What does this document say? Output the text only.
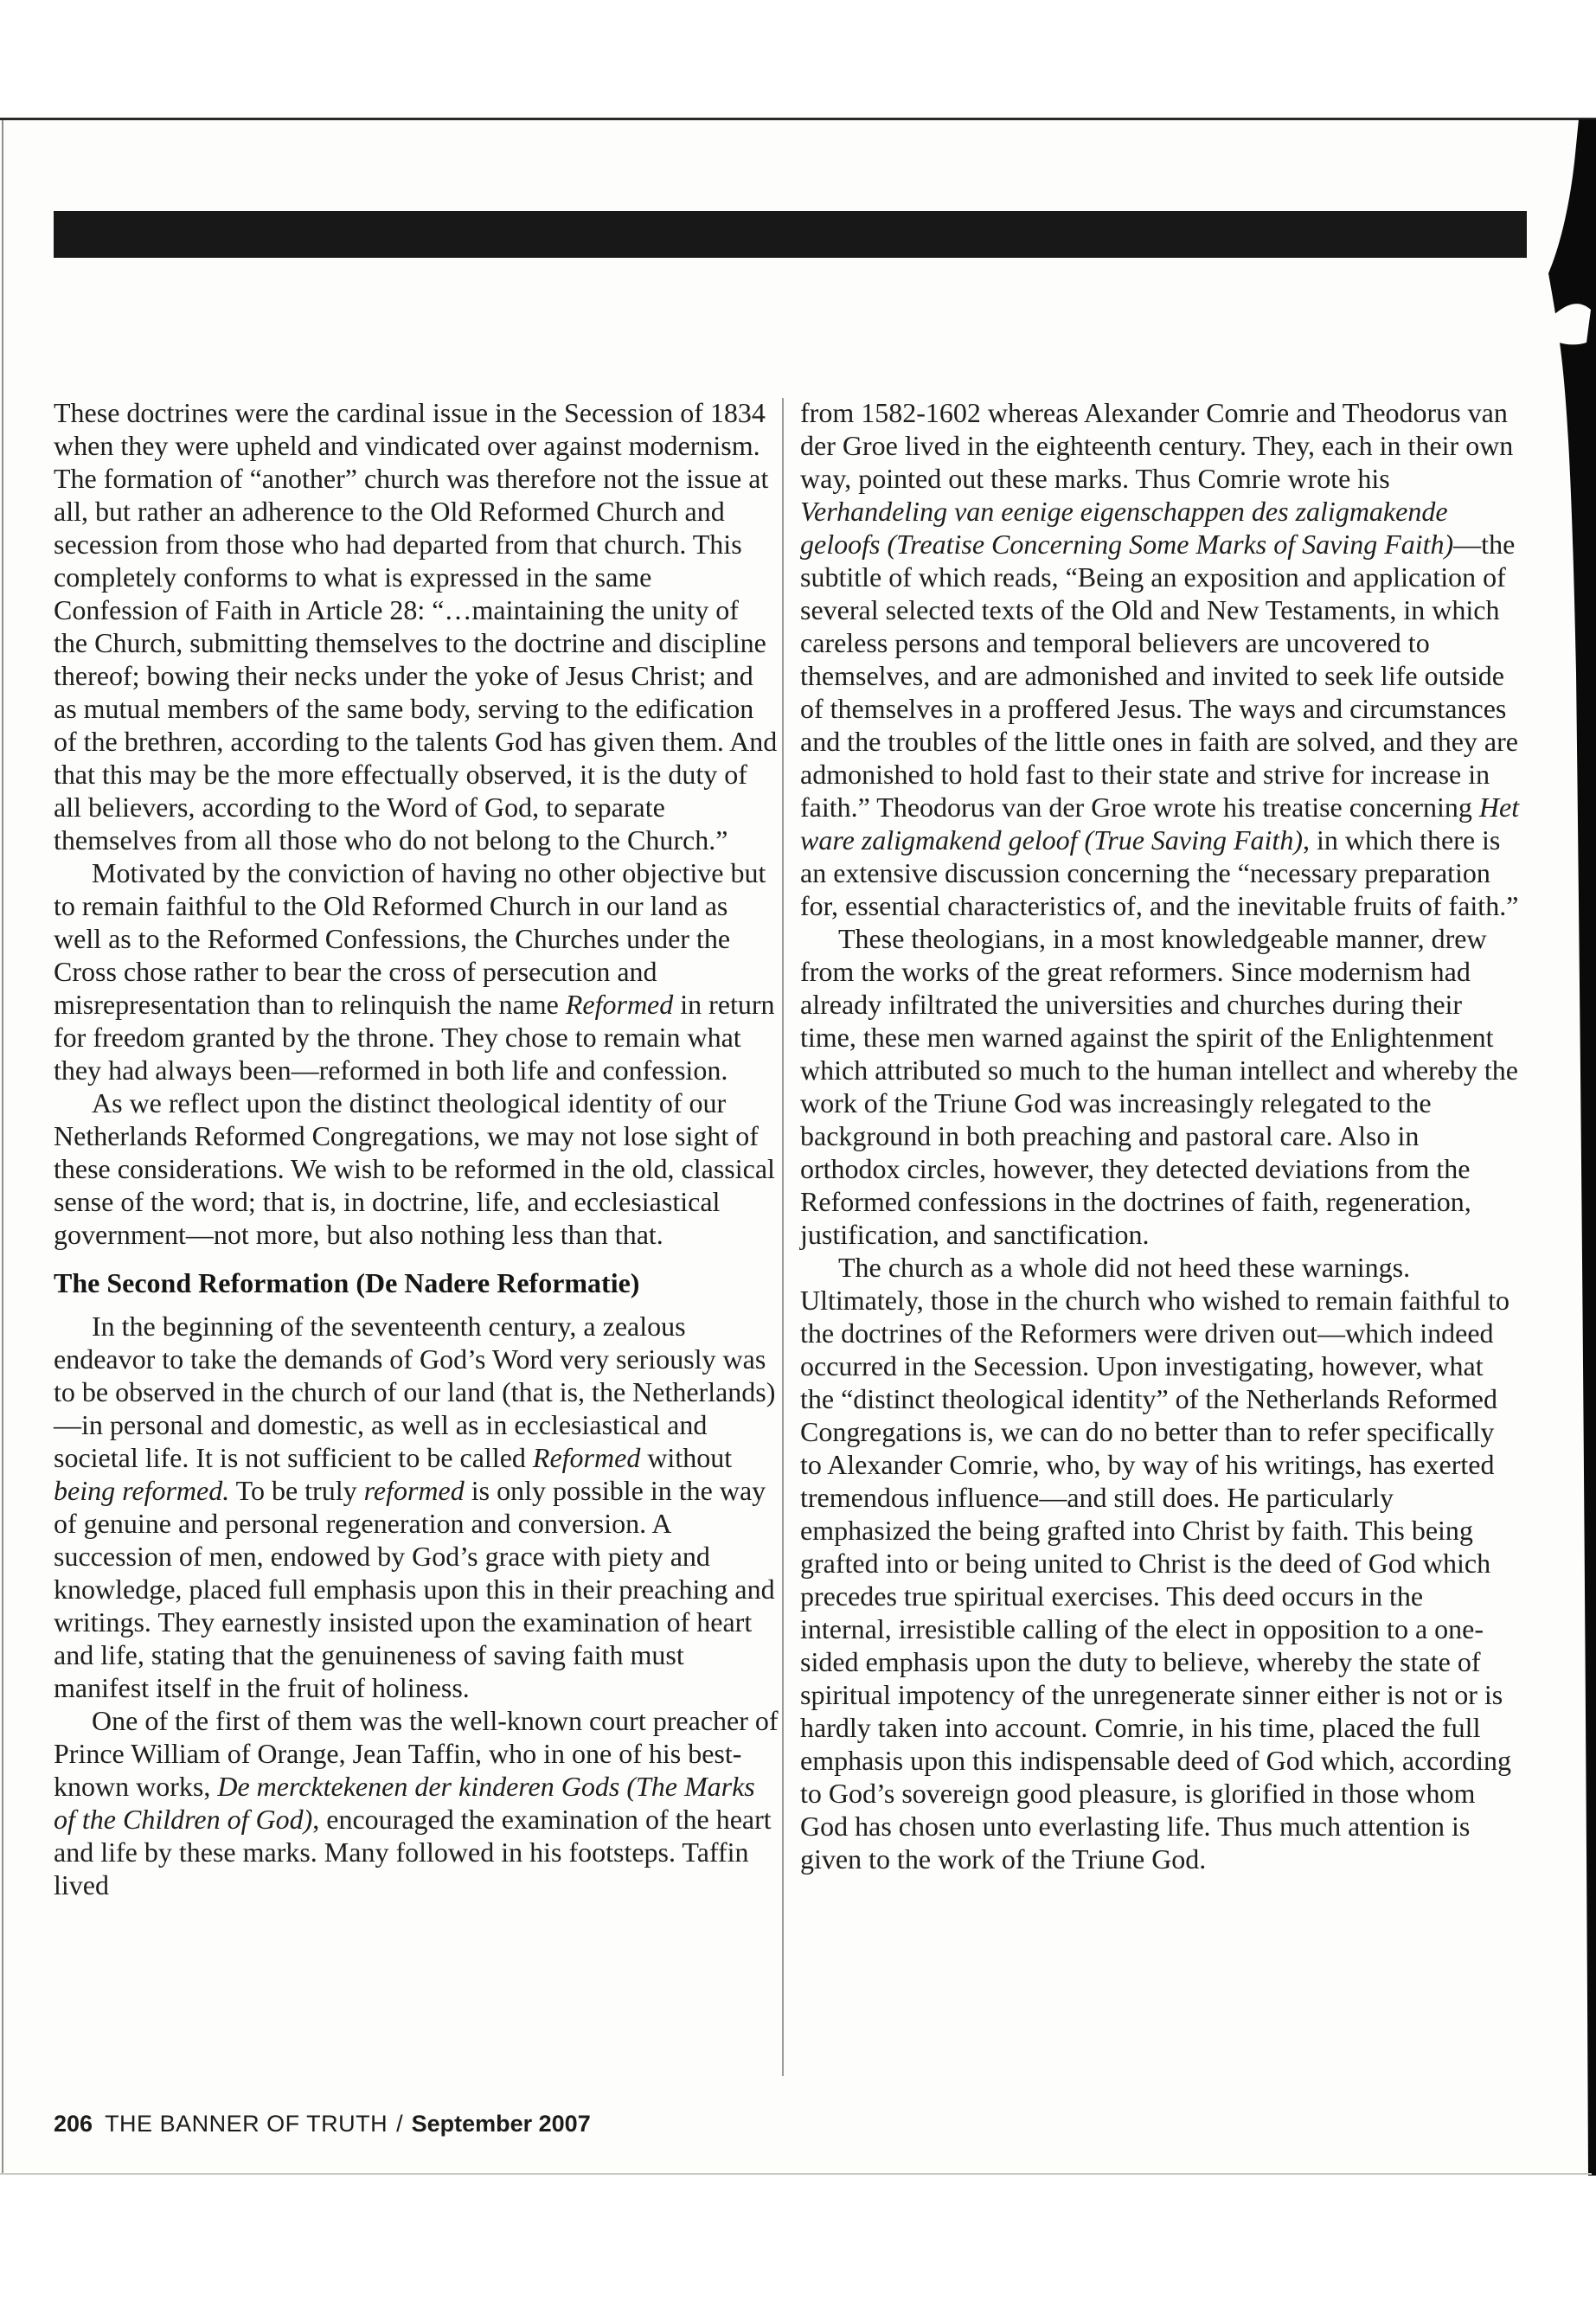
These doctrines were the cardinal issue in the Secession of 1834 when they were upheld and vindicated over against modernism. The formation of “another” church was therefore not the issue at all, but rather an adherence to the Old Reformed Church and secession from those who had departed from that church. This completely conforms to what is expressed in the same Confession of Faith in Article 28: “…maintaining the unity of the Church, submitting themselves to the doctrine and discipline thereof; bowing their necks under the yoke of Jesus Christ; and as mutual members of the same body, serving to the edification of the brethren, according to the talents God has given them. And that this may be the more effectually observed, it is the duty of all believers, according to the Word of God, to separate themselves from all those who do not belong to the Church.”

Motivated by the conviction of having no other objective but to remain faithful to the Old Reformed Church in our land as well as to the Reformed Confessions, the Churches under the Cross chose rather to bear the cross of persecution and misrepresentation than to relinquish the name Reformed in return for freedom granted by the throne. They chose to remain what they had always been—reformed in both life and confession.

As we reflect upon the distinct theological identity of our Netherlands Reformed Congregations, we may not lose sight of these considerations. We wish to be reformed in the old, classical sense of the word; that is, in doctrine, life, and ecclesiastical government—not more, but also nothing less than that.

The Second Reformation (De Nadere Reformatie)

In the beginning of the seventeenth century, a zealous endeavor to take the demands of God’s Word very seriously was to be observed in the church of our land (that is, the Netherlands)—in personal and domestic, as well as in ecclesiastical and societal life. It is not sufficient to be called Reformed without being reformed. To be truly reformed is only possible in the way of genuine and personal regeneration and conversion. A succession of men, endowed by God’s grace with piety and knowledge, placed full emphasis upon this in their preaching and writings. They earnestly insisted upon the examination of heart and life, stating that the genuineness of saving faith must manifest itself in the fruit of holiness.

One of the first of them was the well-known court preacher of Prince William of Orange, Jean Taffin, who in one of his best-known works, De mercktekenen der kinderen Gods (The Marks of the Children of God), encouraged the examination of the heart and life by these marks. Many followed in his footsteps. Taffin lived

from 1582-1602 whereas Alexander Comrie and Theodorus van der Groe lived in the eighteenth century. They, each in their own way, pointed out these marks. Thus Comrie wrote his Verhandeling van eenige eigenschappen des zaligmakende geloofs (Treatise Concerning Some Marks of Saving Faith)—the subtitle of which reads, “Being an exposition and application of several selected texts of the Old and New Testaments, in which careless persons and temporal believers are uncovered to themselves, and are admonished and invited to seek life outside of themselves in a proffered Jesus. The ways and circumstances and the troubles of the little ones in faith are solved, and they are admonished to hold fast to their state and strive for increase in faith.” Theodorus van der Groe wrote his treatise concerning Het ware zaligmakend geloof (True Saving Faith), in which there is an extensive discussion concerning the “necessary preparation for, essential characteristics of, and the inevitable fruits of faith.”

These theologians, in a most knowledgeable manner, drew from the works of the great reformers. Since modernism had already infiltrated the universities and churches during their time, these men warned against the spirit of the Enlightenment which attributed so much to the human intellect and whereby the work of the Triune God was increasingly relegated to the background in both preaching and pastoral care. Also in orthodox circles, however, they detected deviations from the Reformed confessions in the doctrines of faith, regeneration, justification, and sanctification.

The church as a whole did not heed these warnings. Ultimately, those in the church who wished to remain faithful to the doctrines of the Reformers were driven out—which indeed occurred in the Secession. Upon investigating, however, what the “distinct theological identity” of the Netherlands Reformed Congregations is, we can do no better than to refer specifically to Alexander Comrie, who, by way of his writings, has exerted tremendous influence—and still does. He particularly emphasized the being grafted into Christ by faith. This being grafted into or being united to Christ is the deed of God which precedes true spiritual exercises. This deed occurs in the internal, irresistible calling of the elect in opposition to a one-sided emphasis upon the duty to believe, whereby the state of spiritual impotency of the unregenerate sinner either is not or is hardly taken into account. Comrie, in his time, placed the full emphasis upon this indispensable deed of God which, according to God’s sovereign good pleasure, is glorified in those whom God has chosen unto everlasting life. Thus much attention is given to the work of the Triune God.

206 THE BANNER OF TRUTH / September 2007
